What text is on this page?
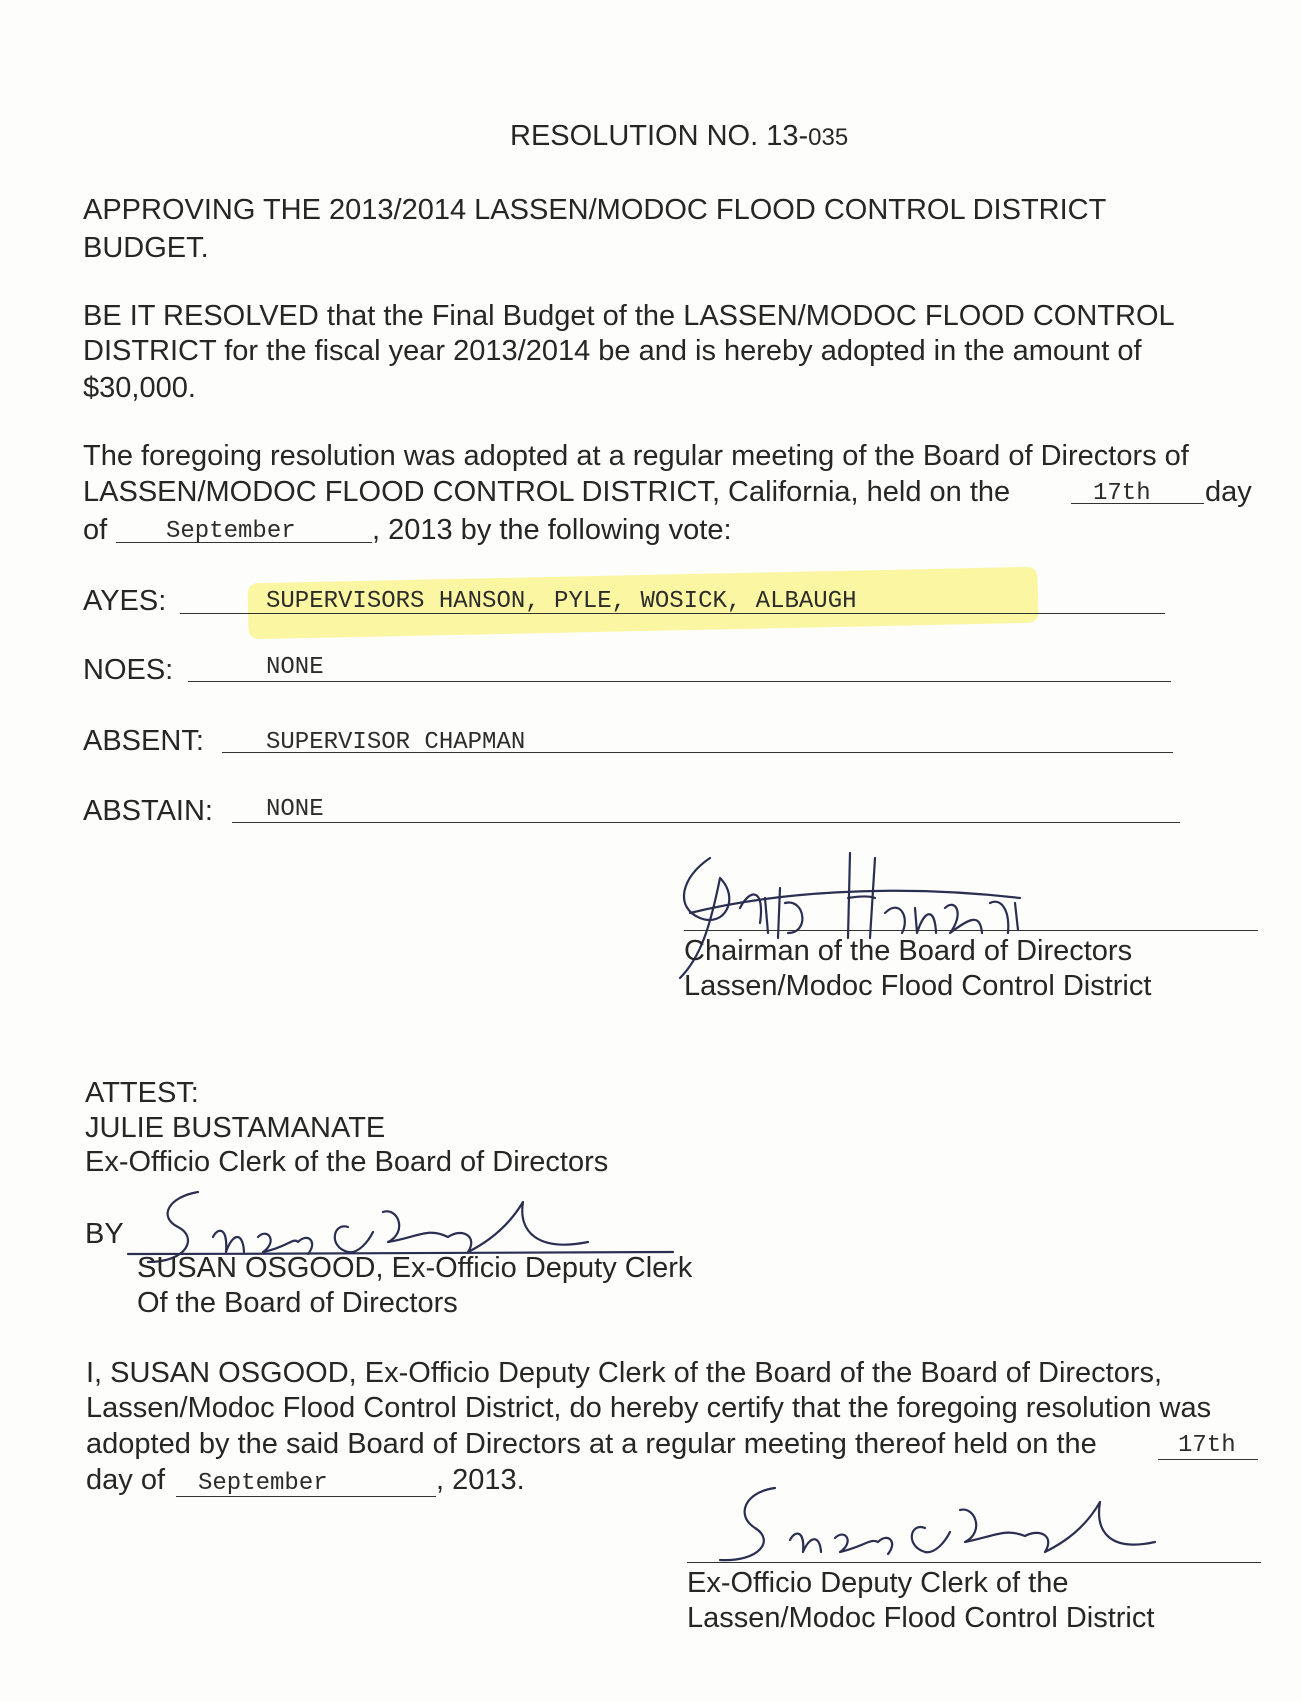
RESOLUTION NO. 13-035
APPROVING THE 2013/2014 LASSEN/MODOC FLOOD CONTROL DISTRICT
BUDGET.
BE IT RESOLVED that the Final Budget of the LASSEN/MODOC FLOOD CONTROL
DISTRICT for the fiscal year 2013/2014 be and is hereby adopted in the amount of
$30,000.
The foregoing resolution was adopted at a regular meeting of the Board of Directors of
LASSEN/MODOC FLOOD CONTROL DISTRICT, California, held on the	17th day
of September	, 2013 by the following vote:
AYES:	SUPERVISORS HANSON, PYLE, WOSICK, ALBAUGH
NOES:	NONE
ABSENT:	SUPERVISOR CHAPMAN
ABSTAIN: NONE
Chairman of the Board of Directors
Lassen/Modoc Flood Control District
ATTEST:
JULIE BUSTAMANATE
Ex-Officio Clerk of the Board of Directors
BY
SUSAN OSGOOD, Ex-Officio Deputy Clerk
Of the Board of Directors
I, SUSAN OSGOOD, Ex-Officio Deputy Clerk of the Board of the Board of Directors,
Lassen/Modoc Flood Control District, do hereby certify that the foregoing resolution was
adopted by the said Board of Directors at a regular meeting thereof held on the	17th
day of September	, 2013.
Ex-Officio Deputy Clerk of the
Lassen/Modoc Flood Control District
